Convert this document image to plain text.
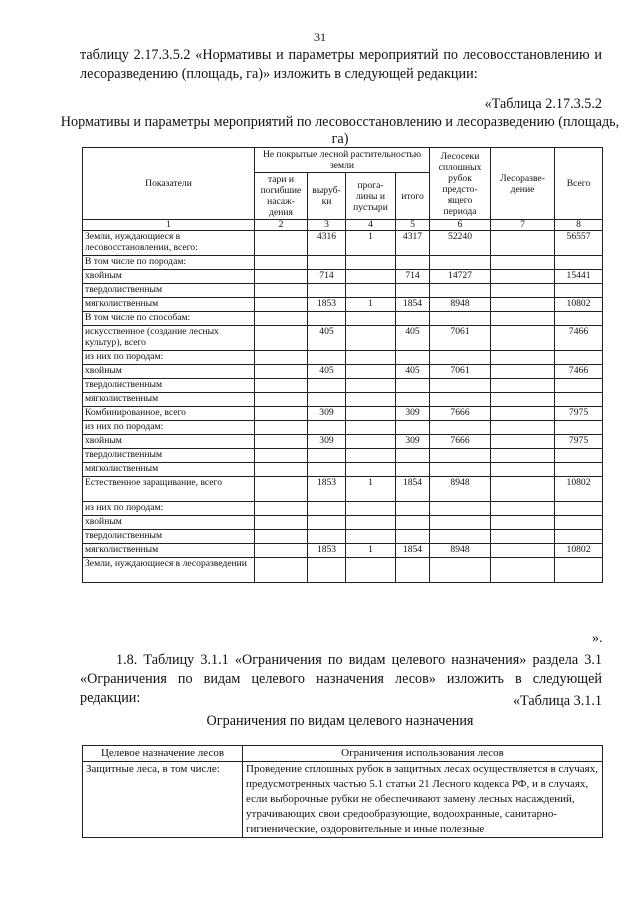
31

таблицу 2.17.3.5.2 «Нормативы и параметры мероприятий по лесовосстановлению и лесоразведению (площадь, га)» изложить в следующей редакции:

«Таблица 2.17.3.5.2
Нормативы и параметры мероприятий по лесовосстановлению и лесоразведению (площадь, га)
Показатели	Не покрытые лесной растительностью земли				Лесосеки сплошных рубок предсто-ящего периода	Лесоразве-дение	Всего
	тари и погибшие насаж-дения	выруб-ки	прога-лины и пустыри	итого			
1	2	3	4	5	6	7	8
Земли, нуждающиеся в лесовосстановлении, всего:		4316	1	4317	52240		56557
В том числе по породам:							
хвойным		714		714	14727		15441
твердолиственным							
мягколиственным		1853	1	1854	8948		10802
В том числе по способам:							
искусственное (создание лесных культур), всего		405		405	7061		7466
из них по породам:							
хвойным		405		405	7061		7466
твердолиственным							
мягколиственным							
Комбинированное, всего		309		309	7666		7975
из них по породам:							
хвойным		309		309	7666		7975
твердолиственным							
мягколиственным							
Естественное заращивание, всего		1853	1	1854	8948		10802
из них по породам:							
хвойным							
твердолиственным							
мягколиственным		1853	1	1854	8948		10802
Земли, нуждающиеся в лесоразведении							
».

1.8. Таблицу 3.1.1 «Ограничения по видам целевого назначения» раздела 3.1 «Ограничения по видам целевого назначения лесов» изложить в следующей редакции:	«Таблица 3.1.1
Ограничения по видам целевого назначения
Целевое назначение лесов	Ограничения использования лесов
Защитные леса, в том числе:	Проведение сплошных рубок в защитных лесах осуществляется в случаях, предусмотренных частью 5.1 статьи 21 Лесного кодекса РФ, и в случаях, если выборочные рубки не обеспечивают замену лесных насаждений, утрачивающих свои средообразующие, водоохранные, санитарно-гигиенические, оздоровительные и иные полезные
